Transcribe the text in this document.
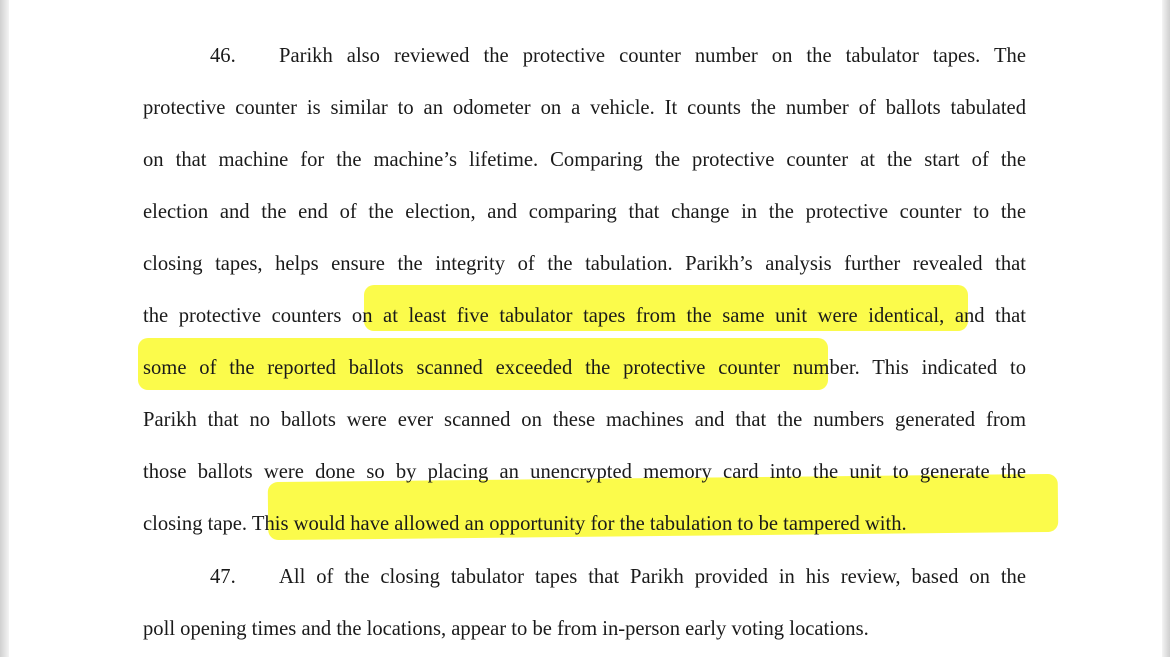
46. Parikh also reviewed the protective counter number on the tabulator tapes. The
protective counter is similar to an odometer on a vehicle. It counts the number of ballots tabulated
on that machine for the machine’s lifetime. Comparing the protective counter at the start of the
election and the end of the election, and comparing that change in the protective counter to the
closing tapes, helps ensure the integrity of the tabulation. Parikh’s analysis further revealed that
the protective counters on at least five tabulator tapes from the same unit were identical, and that
some of the reported ballots scanned exceeded the protective counter number. This indicated to
Parikh that no ballots were ever scanned on these machines and that the numbers generated from
those ballots were done so by placing an unencrypted memory card into the unit to generate the
closing tape. This would have allowed an opportunity for the tabulation to be tampered with.
47. All of the closing tabulator tapes that Parikh provided in his review, based on the
poll opening times and the locations, appear to be from in-person early voting locations.
